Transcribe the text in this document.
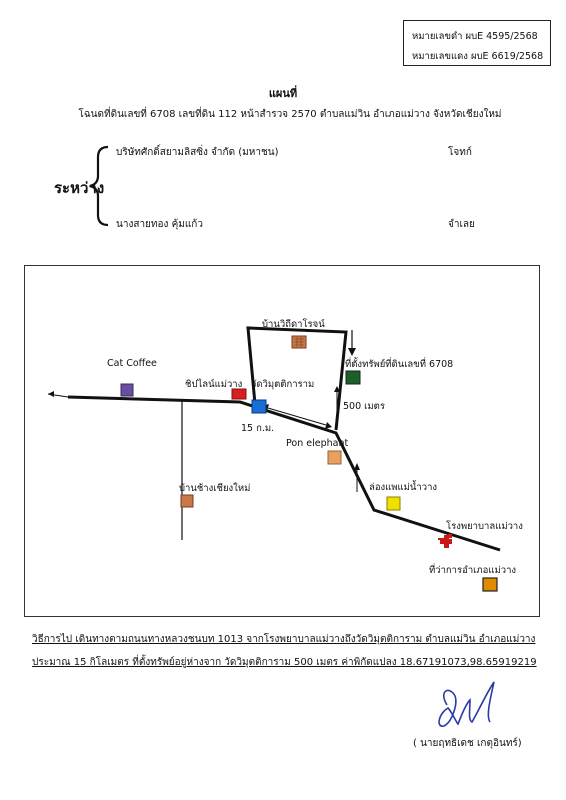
หมายเลขดำ ผบE 4595/2568
หมายเลขแดง ผบE 6619/2568
แผนที่
โฉนดที่ดินเลขที่ 6708 เลขที่ดิน 112 หน้าสำรวจ 2570 ตำบลแม่วิน อำเภอแม่วาง จังหวัดเชียงใหม่
ระหว่าง
บริษัทศักดิ์สยามลิสซิ่ง จำกัด (มหาชน)	โจทก์
นางสายทอง คุ้มแก้ว	จำเลย
บ้านวิถีดาโรจน์
ที่ตั้งทรัพย์ที่ดินเลขที่ 6708
500 เมตร
Cat Coffee
ชิปไลน์แม่วาง วัดวิมุตติการาม
15 ก.ม.
Pon elephant
บ้านช้างเชียงใหม่	ล่องแพแม่น้ำวาง
โรงพยาบาลแม่วาง
ที่ว่าการอำเภอแม่วาง
วิธีการไป เดินทางตามถนนทางหลวงชนบท 1013 จากโรงพยาบาลแม่วางถึงวัดวิมุตติการาม ตำบลแม่วิน อำเภอแม่วาง
ประมาณ 15 กิโลเมตร ที่ตั้งทรัพย์อยู่ห่างจาก วัดวิมุตติการาม 500 เมตร ค่าพิกัดแปลง 18.67191073,98.65919219
( นายฤทธิเดช เกตุอินทร์)
